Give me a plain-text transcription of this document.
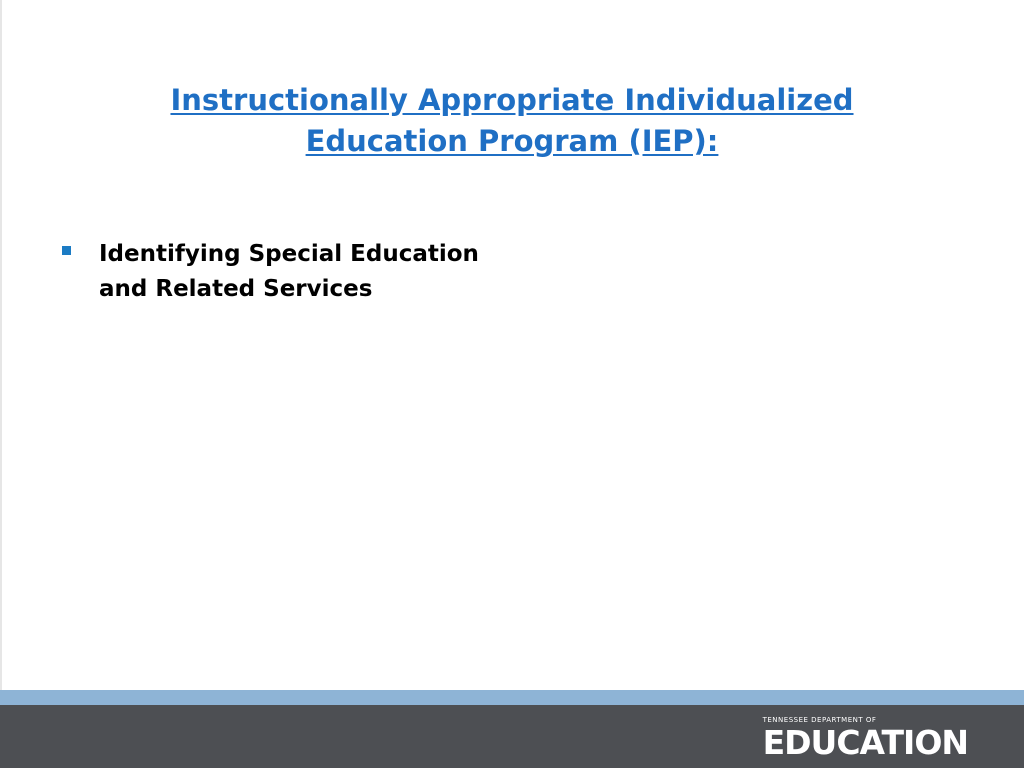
Instructionally Appropriate Individualized
Education Program (IEP):
Identifying Special Education
and Related Services
TENNESSEE DEPARTMENT OF
EDUCATION
